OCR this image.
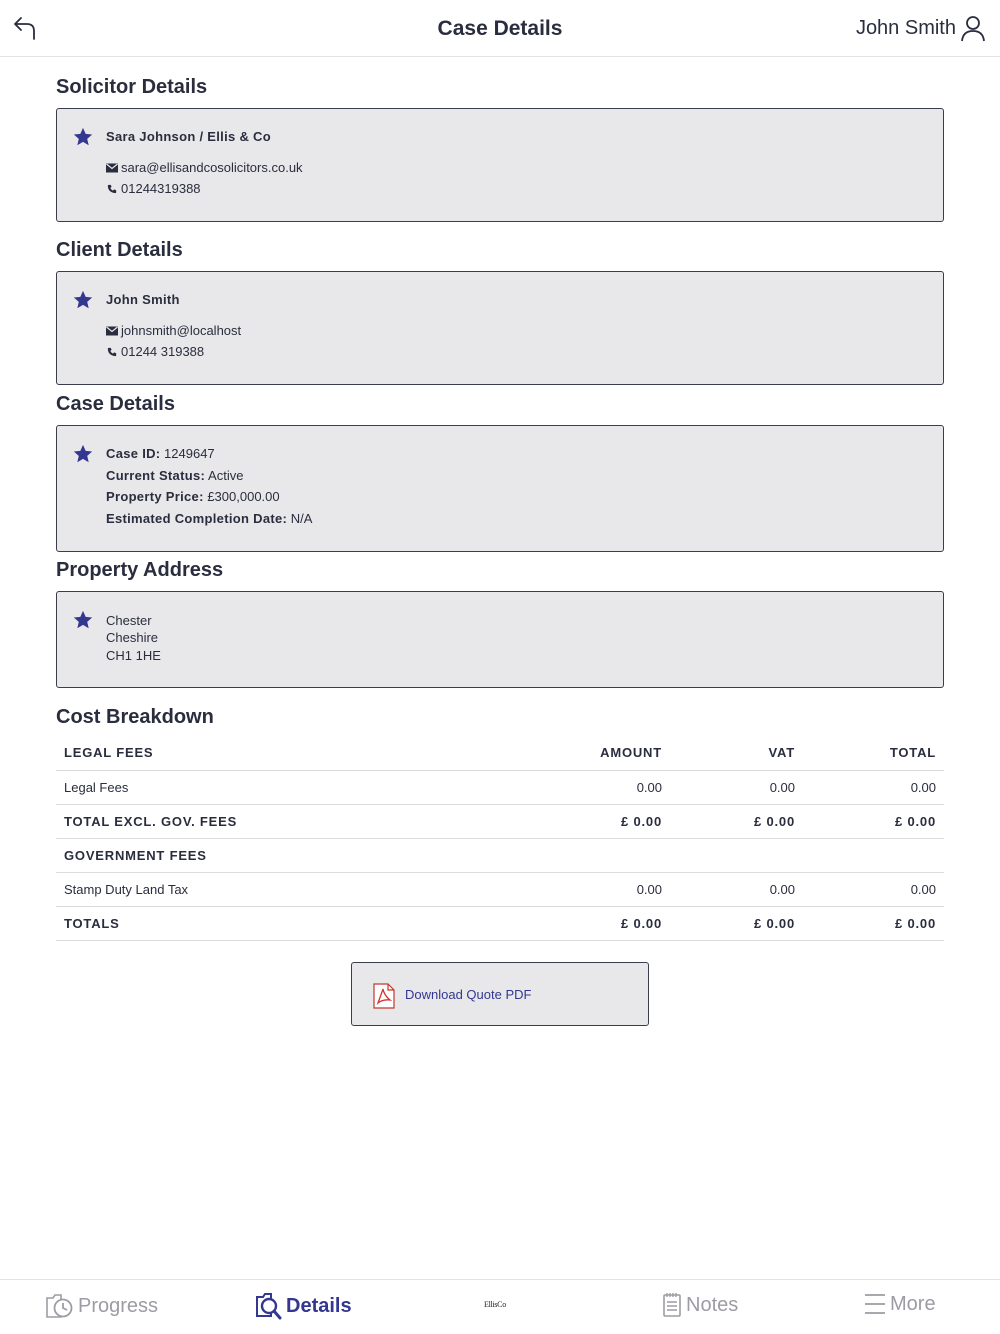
Case Details	John Smith
Solicitor Details
Sara Johnson / Ellis & Co
sara@ellisandcosolicitors.co.uk
01244319388
Client Details
John Smith
johnsmith@localhost
01244 319388
Case Details
Case ID: 1249647
Current Status: Active
Property Price: £300,000.00
Estimated Completion Date: N/A
Property Address
Chester
Cheshire
CH1 1HE
Cost Breakdown
LEGAL FEES	AMOUNT	VAT	TOTAL
Legal Fees	0.00	0.00	0.00
TOTAL EXCL. GOV. FEES	£ 0.00	£ 0.00	£ 0.00
GOVERNMENT FEES			
Stamp Duty Land Tax	0.00	0.00	0.00
TOTALS	£ 0.00	£ 0.00	£ 0.00
Download Quote PDF
Progress	Details	EllisCo	Notes	More
